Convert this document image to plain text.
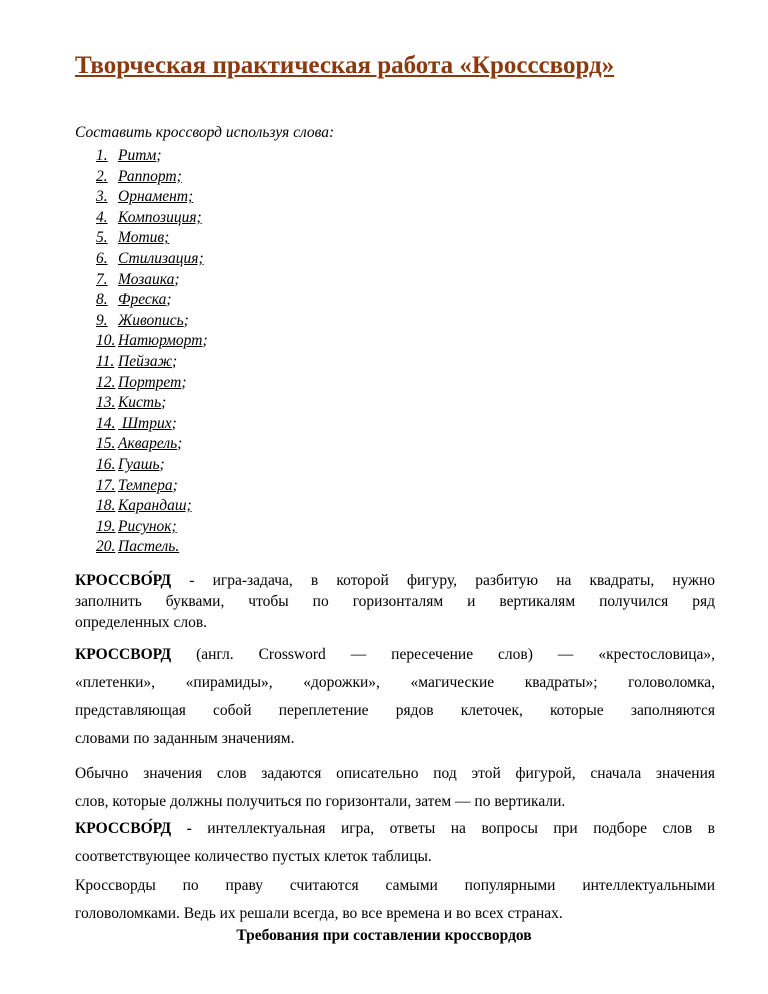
Творческая практическая работа «Кросссворд»
Составить кроссворд используя слова:
1. Ритм;
2. Раппорт;
3. Орнамент;
4. Композиция;
5. Мотив;
6. Стилизация;
7. Мозаика;
8. Фреска;
9. Живопись;
10. Натюрморт;
11. Пейзаж;
12. Портрет;
13. Кисть;
14. Штрих;
15. Акварель;
16. Гуашь;
17. Темпера;
18. Карандаш;
19. Рисунок;
20. Пастель.

КРОССВО́РД - игра-задача, в которой фигуру, разбитую на квадраты, нужно
заполнить буквами, чтобы по горизонталям и вертикалям получился ряд
определенных слов.

КРОССВОРД (англ. Crossword — пересечение слов) — «крестословица»,
«плетенки», «пирамиды», «дорожки», «магические квадраты»; головоломка,
представляющая собой переплетение рядов клеточек, которые заполняются
словами по заданным значениям.

Обычно значения слов задаются описательно под этой фигурой, сначала значения
слов, которые должны получиться по горизонтали, затем — по вертикали.

КРОССВО́РД - интеллектуальная игра, ответы на вопросы при подборе слов в
соответствующее количество пустых клеток таблицы.

Кроссворды по праву считаются самыми популярными интеллектуальными
головоломками. Ведь их решали всегда, во все времена и во всех странах.

Требования при составлении кроссвордов
